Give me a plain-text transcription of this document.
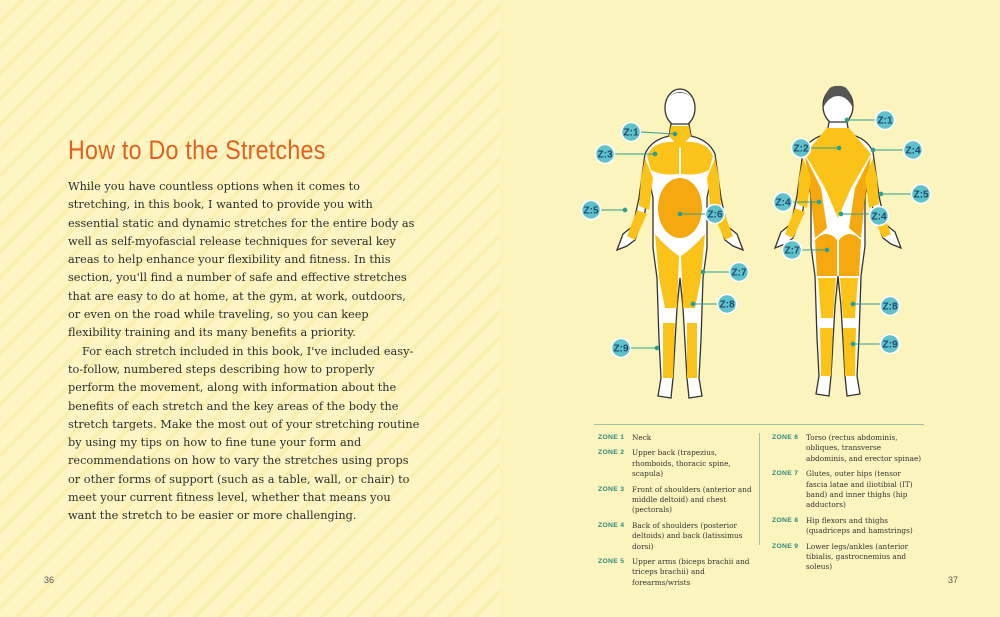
How to Do the Stretches

While you have countless options when it comes to stretching, in this book, I wanted to provide you with essential static and dynamic stretches for the entire body as well as self-myofascial release techniques for several key areas to help enhance your flexibility and fitness. In this section, you'll find a number of safe and effective stretches that are easy to do at home, at the gym, at work, outdoors, or even on the road while traveling, so you can keep flexibility training and its many benefits a priority.

For each stretch included in this book, I've included easy-to-follow, numbered steps describing how to properly perform the movement, along with information about the benefits of each stretch and the key areas of the body the stretch targets. Make the most out of your stretching routine by using my tips on how to fine tune your form and recommendations on how to vary the stretches using props or other forms of support (such as a table, wall, or chair) to meet your current fitness level, whether that means you want the stretch to be easier or more challenging.

Z:1
Z:3
Z:5	Z:6
Z:7
Z:8
Z:9
Z:1
Z:2	Z:4
Z:5
Z:4
Z:4
Z:7
Z:8
Z:9
ZONE 1	Neck
ZONE 2	Upper back (trapezius, rhomboids, thoracic spine, scapula)
ZONE 3	Front of shoulders (anterior and middle deltoid) and chest (pectorals)
ZONE 4	Back of shoulders (posterior deltoids) and back (latissimus dorsi)
ZONE 5	Upper arms (biceps brachii and triceps brachii) and forearms/wrists
ZONE 6	Torso (rectus abdominis, obliques, transverse abdominis, and erector spinae)
ZONE 7	Glutes, outer hips (tensor fascia latae and iliotibial (IT) band) and inner thighs (hip adductors)
ZONE 8	Hip flexors and thighs (quadriceps and hamstrings)
ZONE 9	Lower legs/ankles (anterior tibialis, gastrocnemius and soleus)
36	37
